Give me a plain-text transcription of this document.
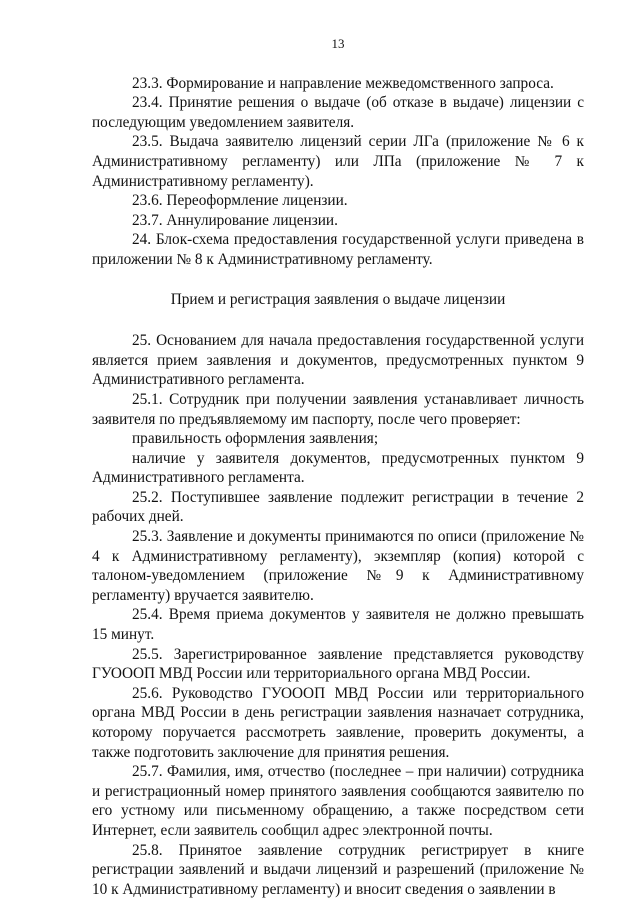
13

23.3. Формирование и направление межведомственного запроса.

23.4. Принятие решения о выдаче (об отказе в выдаче) лицензии с последующим уведомлением заявителя.

23.5. Выдача заявителю лицензий серии ЛГа (приложение № 6 к Административному регламенту) или ЛПа (приложение № 7 к Административному регламенту).

23.6. Переоформление лицензии.

23.7. Аннулирование лицензии.

24. Блок-схема предоставления государственной услуги приведена в приложении № 8 к Административному регламенту.

Прием и регистрация заявления о выдаче лицензии

25. Основанием для начала предоставления государственной услуги является прием заявления и документов, предусмотренных пунктом 9 Административного регламента.

25.1. Сотрудник при получении заявления устанавливает личность заявителя по предъявляемому им паспорту, после чего проверяет:

правильность оформления заявления;

наличие у заявителя документов, предусмотренных пунктом 9 Административного регламента.

25.2. Поступившее заявление подлежит регистрации в течение 2 рабочих дней.

25.3. Заявление и документы принимаются по описи (приложение № 4 к Административному регламенту), экземпляр (копия) которой с талоном-уведомлением (приложение №9 к Административному регламенту) вручается заявителю.

25.4. Время приема документов у заявителя не должно превышать 15 минут.

25.5. Зарегистрированное заявление представляется руководству ГУОООП МВД России или территориального органа МВД России.

25.6. Руководство ГУОООП МВД России или территориального органа МВД России в день регистрации заявления назначает сотрудника, которому поручается рассмотреть заявление, проверить документы, а также подготовить заключение для принятия решения.

25.7. Фамилия, имя, отчество (последнее – при наличии) сотрудника и регистрационный номер принятого заявления сообщаются заявителю по его устному или письменному обращению, а также посредством сети Интернет, если заявитель сообщил адрес электронной почты.

25.8. Принятое заявление сотрудник регистрирует в книге регистрации заявлений и выдачи лицензий и разрешений (приложение № 10 к Административному регламенту) и вносит сведения о заявлении в
